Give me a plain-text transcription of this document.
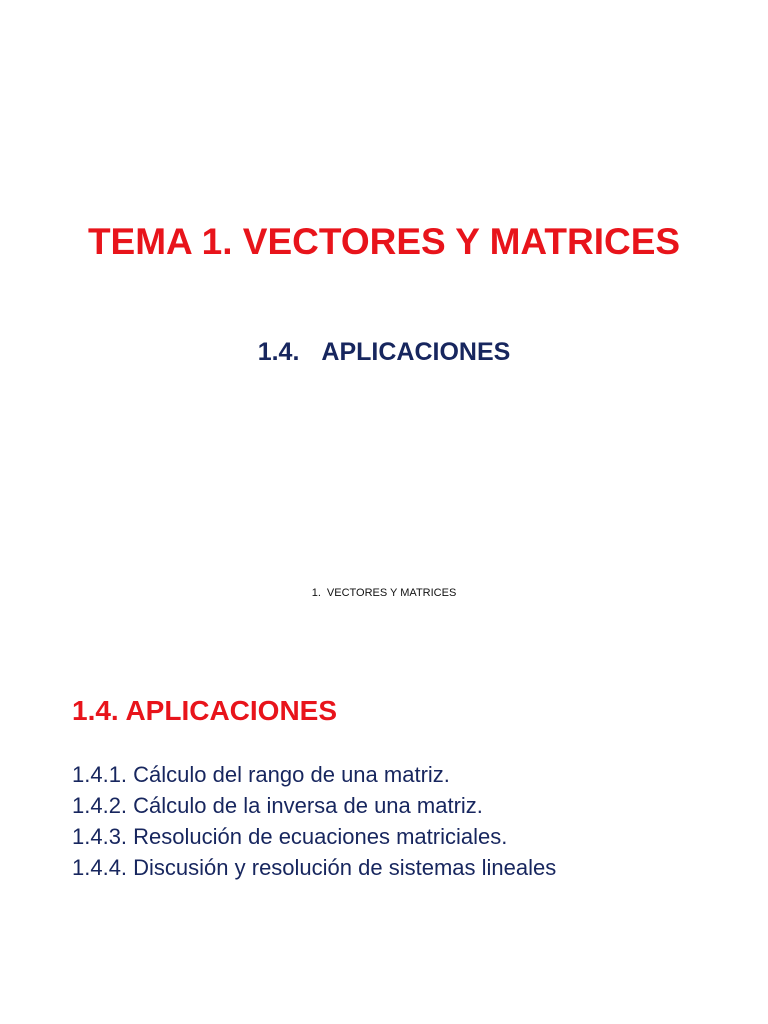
TEMA 1. VECTORES Y MATRICES
1.4. APLICACIONES
1. VECTORES Y MATRICES
1.4. APLICACIONES
1.4.1. Cálculo del rango de una matriz.
1.4.2. Cálculo de la inversa de una matriz.
1.4.3. Resolución de ecuaciones matriciales.
1.4.4. Discusión y resolución de sistemas lineales
